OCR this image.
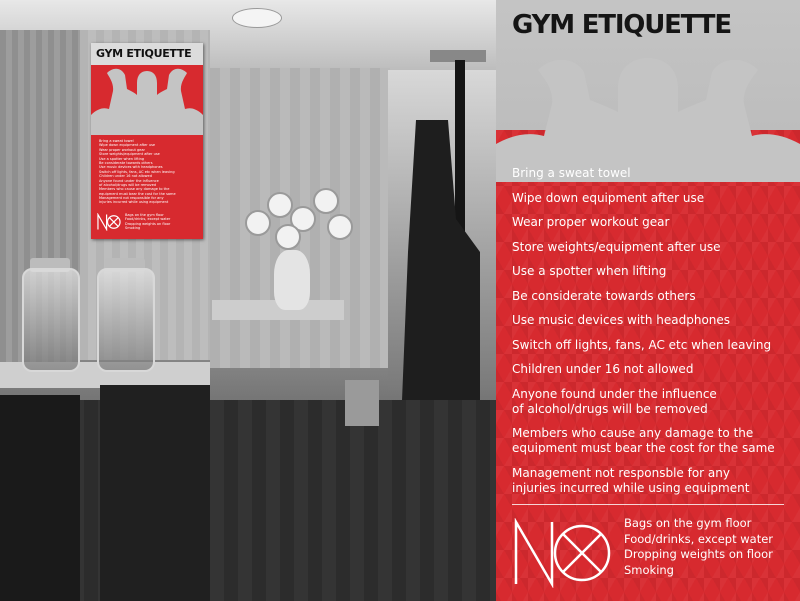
GYM ETIQUETTE
Bring a sweat towel
Wipe down equipment after use
Wear proper workout gear
Store weights/equipment after use
Use a spotter when lifting
Be considerate towards others
Use music devices with headphones
Switch off lights, fans, AC etc when leaving
Children under 16 not allowed
Anyone found under the influence
of alcohol/drugs will be removed
Members who cause any damage to the
equipment must bear the cost for the same
Management not responsible for any
injuries incurred while using equipment
Bags on the gym floor
Food/drinks, except water
Dropping weights on floor
Smoking
GYM ETIQUETTE
Bring a sweat towel
Wipe down equipment after use
Wear proper workout gear
Store weights/equipment after use
Use a spotter when lifting
Be considerate towards others
Use music devices with headphones
Switch off lights, fans, AC etc when leaving
Children under 16 not allowed
Anyone found under the influence
of alcohol/drugs will be removed
Members who cause any damage to the
equipment must bear the cost for the same
Management not responsble for any
injuries incurred while using equipment
Bags on the gym floor
Food/drinks, except water
Dropping weights on floor
Smoking
